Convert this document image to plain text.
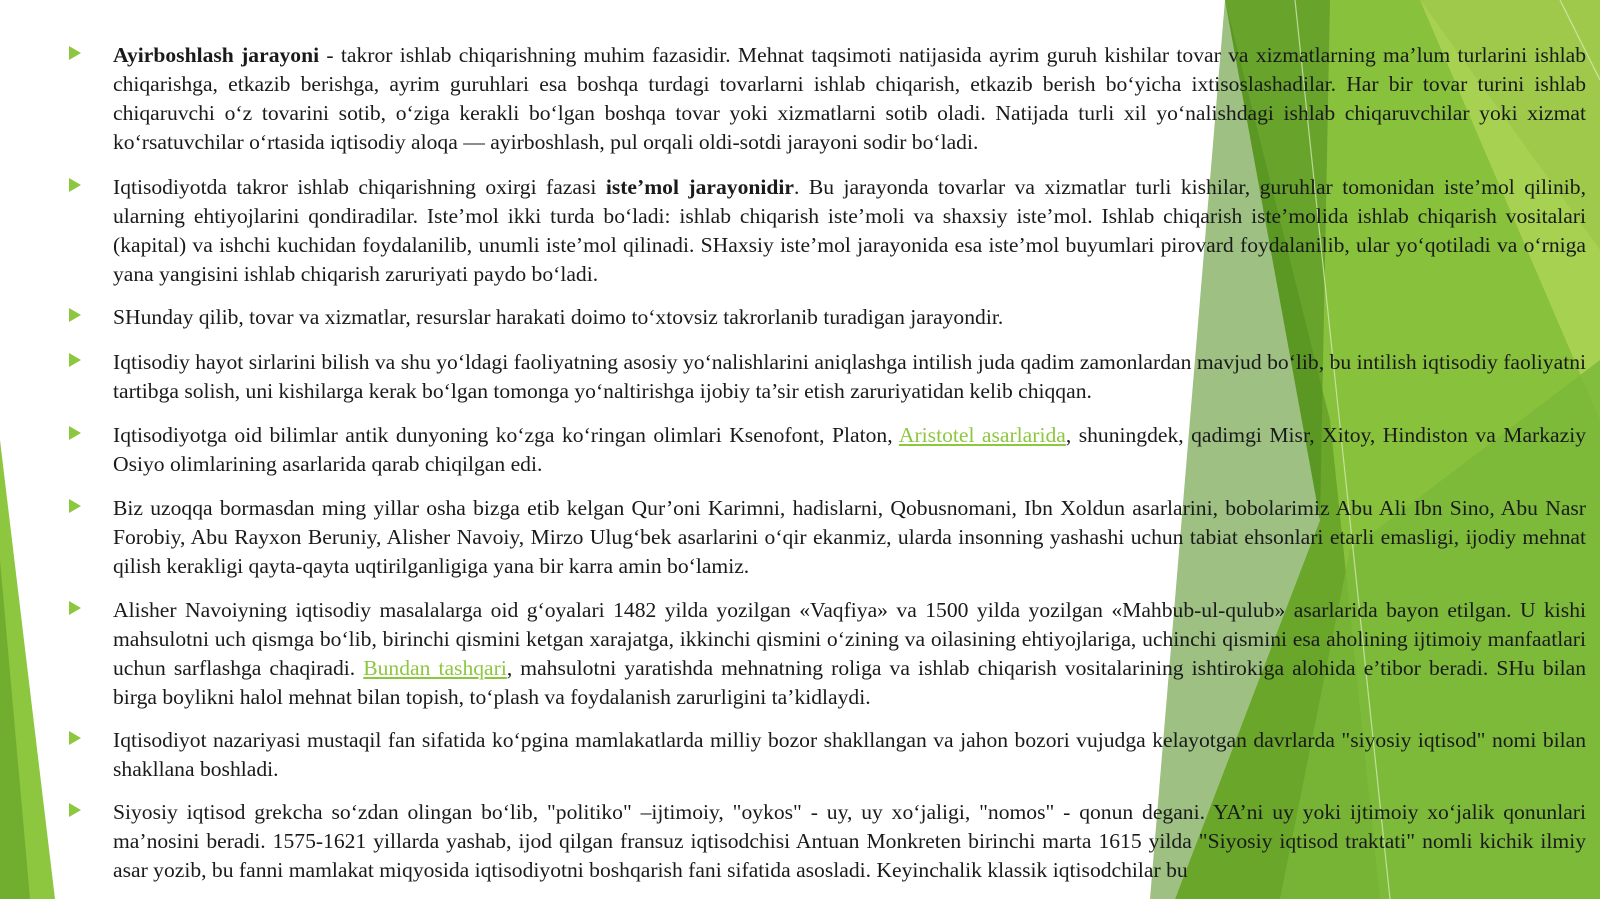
Ayirboshlash jarayoni - takror ishlab chiqarishning muhim fazasidir. Mehnat taqsimoti natijasida ayrim guruh kishilar tovar va xizmatlarning ma’lum turlarini ishlab chiqarishga, etkazib berishga, ayrim guruhlari esa boshqa turdagi tovarlarni ishlab chiqarish, etkazib berish bo‘yicha ixtisoslashadilar. Har bir tovar turini ishlab chiqaruvchi o‘z tovarini sotib, o‘ziga kerakli bo‘lgan boshqa tovar yoki xizmatlarni sotib oladi. Natijada turli xil yo‘nalishdagi ishlab chiqaruvchilar yoki xizmat ko‘rsatuvchilar o‘rtasida iqtisodiy aloqa — ayirboshlash, pul orqali oldi-sotdi jarayoni sodir bo‘ladi.

Iqtisodiyotda takror ishlab chiqarishning oxirgi fazasi iste’mol jarayonidir. Bu jarayonda tovarlar va xizmatlar turli kishilar, guruhlar tomonidan iste’mol qilinib, ularning ehtiyojlarini qondiradilar. Iste’mol ikki turda bo‘ladi: ishlab chiqarish iste’moli va shaxsiy iste’mol. Ishlab chiqarish iste’molida ishlab chiqarish vositalari (kapital) va ishchi kuchidan foydalanilib, unumli iste’mol qilinadi. SHaxsiy iste’mol jarayonida esa iste’mol buyumlari pirovard foydalanilib, ular yo‘qotiladi va o‘rniga yana yangisini ishlab chiqarish zaruriyati paydo bo‘ladi.

SHunday qilib, tovar va xizmatlar, resurslar harakati doimo to‘xtovsiz takrorlanib turadigan jarayondir.

Iqtisodiy hayot sirlarini bilish va shu yo‘ldagi faoliyatning asosiy yo‘nalishlarini aniqlashga intilish juda qadim zamonlardan mavjud bo‘lib, bu intilish iqtisodiy faoliyatni tartibga solish, uni kishilarga kerak bo‘lgan tomonga yo‘naltirishga ijobiy ta’sir etish zaruriyatidan kelib chiqqan.

Iqtisodiyotga oid bilimlar antik dunyoning ko‘zga ko‘ringan olimlari Ksenofont, Platon, Aristotel asarlarida, shuningdek, qadimgi Misr, Xitoy, Hindiston va Markaziy Osiyo olimlarining asarlarida qarab chiqilgan edi.

Biz uzoqqa bormasdan ming yillar osha bizga etib kelgan Qur’oni Karimni, hadislarni, Qobusnomani, Ibn Xoldun asarlarini, bobolarimiz Abu Ali Ibn Sino, Abu Nasr Forobiy, Abu Rayxon Beruniy, Alisher Navoiy, Mirzo Ulug‘bek asarlarini o‘qir ekanmiz, ularda insonning yashashi uchun tabiat ehsonlari etarli emasligi, ijodiy mehnat qilish kerakligi qayta-qayta uqtirilganligiga yana bir karra amin bo‘lamiz.

Alisher Navoiyning iqtisodiy masalalarga oid g‘oyalari 1482 yilda yozilgan «Vaqfiya» va 1500 yilda yozilgan «Mahbub-ul-qulub» asarlarida bayon etilgan. U kishi mahsulotni uch qismga bo‘lib, birinchi qismini ketgan xarajatga, ikkinchi qismini o‘zining va oilasining ehtiyojlariga, uchinchi qismini esa aholining ijtimoiy manfaatlari uchun sarflashga chaqiradi. Bundan tashqari, mahsulotni yaratishda mehnatning roliga va ishlab chiqarish vositalarining ishtirokiga alohida e’tibor beradi. SHu bilan birga boylikni halol mehnat bilan topish, to‘plash va foydalanish zarurligini ta’kidlaydi.

Iqtisodiyot nazariyasi mustaqil fan sifatida ko‘pgina mamlakatlarda milliy bozor shakllangan va jahon bozori vujudga kelayotgan davrlarda "siyosiy iqtisod" nomi bilan shakllana boshladi.

Siyosiy iqtisod grekcha so‘zdan olingan bo‘lib, "politiko" –ijtimoiy, "oykos" - uy, uy xo‘jaligi, "nomos" - qonun degani. YA’ni uy yoki ijtimoiy xo‘jalik qonunlari ma’nosini beradi. 1575-1621 yillarda yashab, ijod qilgan fransuz iqtisodchisi Antuan Monkreten birinchi marta 1615 yilda "Siyosiy iqtisod traktati" nomli kichik ilmiy asar yozib, bu fanni mamlakat miqyosida iqtisodiyotni boshqarish fani sifatida asosladi. Keyinchalik klassik iqtisodchilar bu
